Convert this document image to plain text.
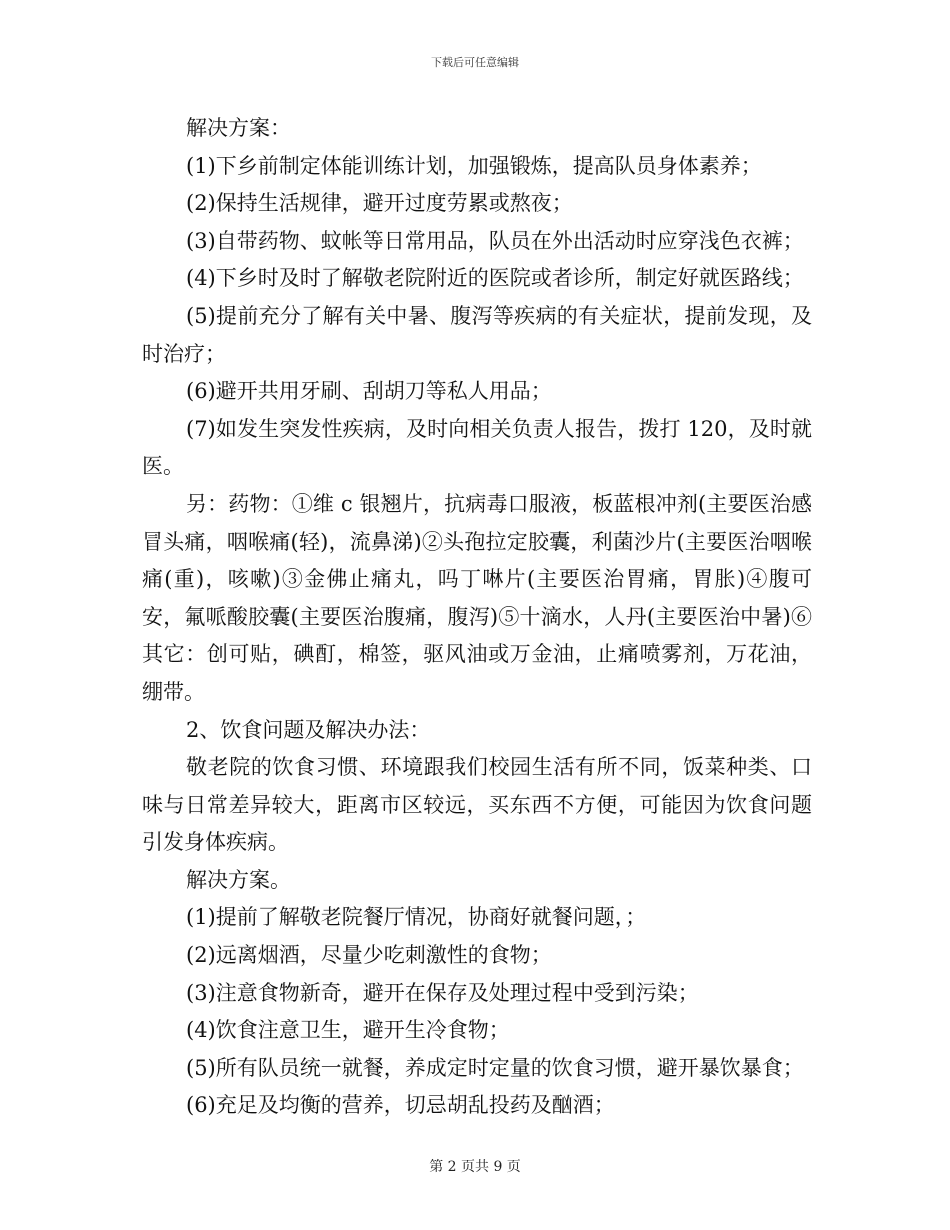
下载后可任意编辑

解决方案：

(1)下乡前制定体能训练计划，加强锻炼，提高队员身体素养；

(2)保持生活规律，避开过度劳累或熬夜；

(3)自带药物、蚊帐等日常用品，队员在外出活动时应穿浅色衣裤；

(4)下乡时及时了解敬老院附近的医院或者诊所，制定好就医路线；

(5)提前充分了解有关中暑、腹泻等疾病的有关症状，提前发现，及时治疗；

(6)避开共用牙刷、刮胡刀等私人用品；

(7)如发生突发性疾病，及时向相关负责人报告，拨打 120，及时就医。

另：药物：①维 c 银翘片，抗病毒口服液，板蓝根冲剂(主要医治感冒头痛，咽喉痛(轻)，流鼻涕)②头孢拉定胶囊，利菌沙片(主要医治咽喉痛(重)，咳嗽)③金佛止痛丸，吗丁啉片(主要医治胃痛，胃胀)④腹可安，氟哌酸胶囊(主要医治腹痛，腹泻)⑤十滴水，人丹(主要医治中暑)⑥其它：创可贴，碘酊，棉签，驱风油或万金油，止痛喷雾剂，万花油，绷带。

2、饮食问题及解决办法：

敬老院的饮食习惯、环境跟我们校园生活有所不同，饭菜种类、口味与日常差异较大，距离市区较远，买东西不方便，可能因为饮食问题引发身体疾病。

解决方案。

(1)提前了解敬老院餐厅情况，协商好就餐问题，；

(2)远离烟酒，尽量少吃刺激性的食物；

(3)注意食物新奇，避开在保存及处理过程中受到污染；

(4)饮食注意卫生，避开生冷食物；

(5)所有队员统一就餐，养成定时定量的饮食习惯，避开暴饮暴食；

(6)充足及均衡的营养，切忌胡乱投药及酗酒；

第 2 页共 9 页
